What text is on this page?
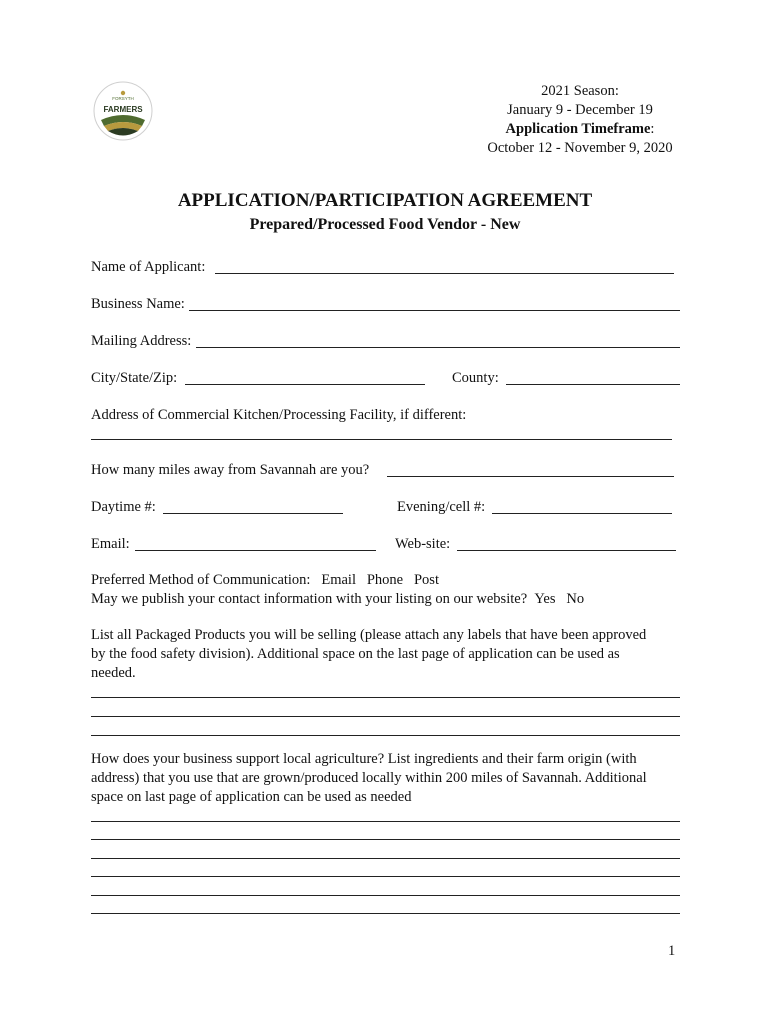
FARMERS
FORSYTH
MARKET
2021 Season:
January 9 - December 19
Application Timeframe:
October 12 - November 9, 2020
APPLICATION/PARTICIPATION AGREEMENT
Prepared/Processed Food Vendor - New
Name of Applicant:
Business Name:
Mailing Address:
City/State/Zip:	County:
Address of Commercial Kitchen/Processing Facility, if different:
How many miles away from Savannah are you?
Daytime #:	Evening/cell #:
Email:	Web-site:
Preferred Method of Communication: Email Phone Post
May we publish your contact information with your listing on our website? Yes No
List all Packaged Products you will be selling (please attach any labels that have been approved
by the food safety division). Additional space on the last page of application can be used as
needed.
How does your business support local agriculture? List ingredients and their farm origin (with
address) that you use that are grown/produced locally within 200 miles of Savannah. Additional
space on last page of application can be used as needed
1
